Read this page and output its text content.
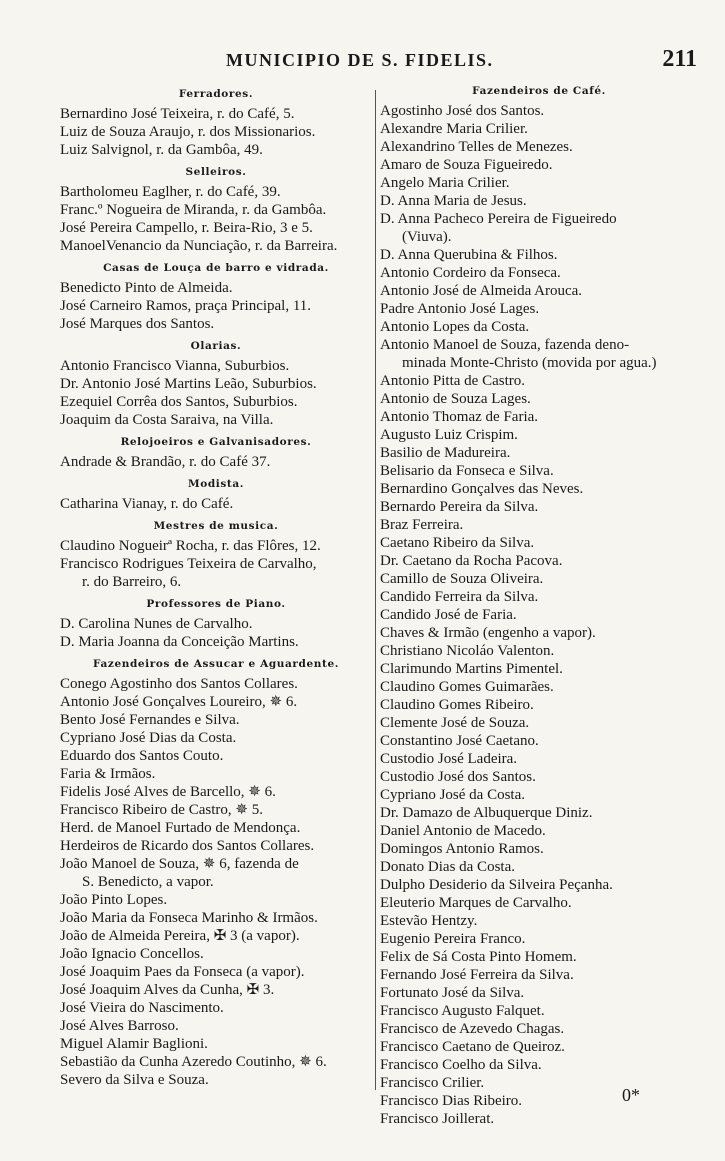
MUNICIPIO DE S. FIDELIS.	211
Ferradores.
Bernardino José Teixeira, r. do Café, 5.
Luiz de Souza Araujo, r. dos Missionarios.
Luiz Salvignol, r. da Gambôa, 49.
Selleiros.
Bartholomeu Eaglher, r. do Café, 39.
Franc.º Nogueira de Miranda, r. da Gambôa.
José Pereira Campello, r. Beira-Rio, 3 e 5.
ManoelVenancio da Nunciação, r. da Barreira.
Casas de Louça de barro e vidrada.
Benedicto Pinto de Almeida.
José Carneiro Ramos, praça Principal, 11.
José Marques dos Santos.
Olarias.
Antonio Francisco Vianna, Suburbios.
Dr. Antonio José Martins Leão, Suburbios.
Ezequiel Corrêa dos Santos, Suburbios.
Joaquim da Costa Saraiva, na Villa.
Relojoeiros e Galvanisadores.
Andrade & Brandão, r. do Café 37.
Modista.
Catharina Vianay, r. do Café.
Mestres de musica.
Claudino Nogueirª Rocha, r. das Flôres, 12.
Francisco Rodrigues Teixeira de Carvalho,
r. do Barreiro, 6.
Professores de Piano.
D. Carolina Nunes de Carvalho.
D. Maria Joanna da Conceição Martins.
Fazendeiros de Assucar e Aguardente.
Conego Agostinho dos Santos Collares.
Antonio José Gonçalves Loureiro, ✵ 6.
Bento José Fernandes e Silva.
Cypriano José Dias da Costa.
Eduardo dos Santos Couto.
Faria & Irmãos.
Fidelis José Alves de Barcello, ✵ 6.
Francisco Ribeiro de Castro, ✵ 5.
Herd. de Manoel Furtado de Mendonça.
Herdeiros de Ricardo dos Santos Collares.
João Manoel de Souza, ✵ 6, fazenda de
S. Benedicto, a vapor.
João Pinto Lopes.
João Maria da Fonseca Marinho & Irmãos.
João de Almeida Pereira, ✠ 3 (a vapor).
João Ignacio Concellos.
José Joaquim Paes da Fonseca (a vapor).
José Joaquim Alves da Cunha, ✠ 3.
José Vieira do Nascimento.
José Alves Barroso.
Miguel Alamir Baglioni.
Sebastião da Cunha Azeredo Coutinho, ✵ 6.
Severo da Silva e Souza.
Fazendeiros de Café.
Agostinho José dos Santos.
Alexandre Maria Crilier.
Alexandrino Telles de Menezes.
Amaro de Souza Figueiredo.
Angelo Maria Crilier.
D. Anna Maria de Jesus.
D. Anna Pacheco Pereira de Figueiredo
(Viuva).
D. Anna Querubina & Filhos.
Antonio Cordeiro da Fonseca.
Antonio José de Almeida Arouca.
Padre Antonio José Lages.
Antonio Lopes da Costa.
Antonio Manoel de Souza, fazenda deno-
minada Monte-Christo (movida por agua.)
Antonio Pitta de Castro.
Antonio de Souza Lages.
Antonio Thomaz de Faria.
Augusto Luiz Crispim.
Basilio de Madureira.
Belisario da Fonseca e Silva.
Bernardino Gonçalves das Neves.
Bernardo Pereira da Silva.
Braz Ferreira.
Caetano Ribeiro da Silva.
Dr. Caetano da Rocha Pacova.
Camillo de Souza Oliveira.
Candido Ferreira da Silva.
Candido José de Faria.
Chaves & Irmão (engenho a vapor).
Christiano Nicoláo Valenton.
Clarimundo Martins Pimentel.
Claudino Gomes Guimarães.
Claudino Gomes Ribeiro.
Clemente José de Souza.
Constantino José Caetano.
Custodio José Ladeira.
Custodio José dos Santos.
Cypriano José da Costa.
Dr. Damazo de Albuquerque Diniz.
Daniel Antonio de Macedo.
Domingos Antonio Ramos.
Donato Dias da Costa.
Dulpho Desiderio da Silveira Peçanha.
Eleuterio Marques de Carvalho.
Estevão Hentzy.
Eugenio Pereira Franco.
Felix de Sá Costa Pinto Homem.
Fernando José Ferreira da Silva.
Fortunato José da Silva.
Francisco Augusto Falquet.
Francisco de Azevedo Chagas.
Francisco Caetano de Queiroz.
Francisco Coelho da Silva.
Francisco Crilier.
Francisco Dias Ribeiro.
Francisco Joillerat.
0*
